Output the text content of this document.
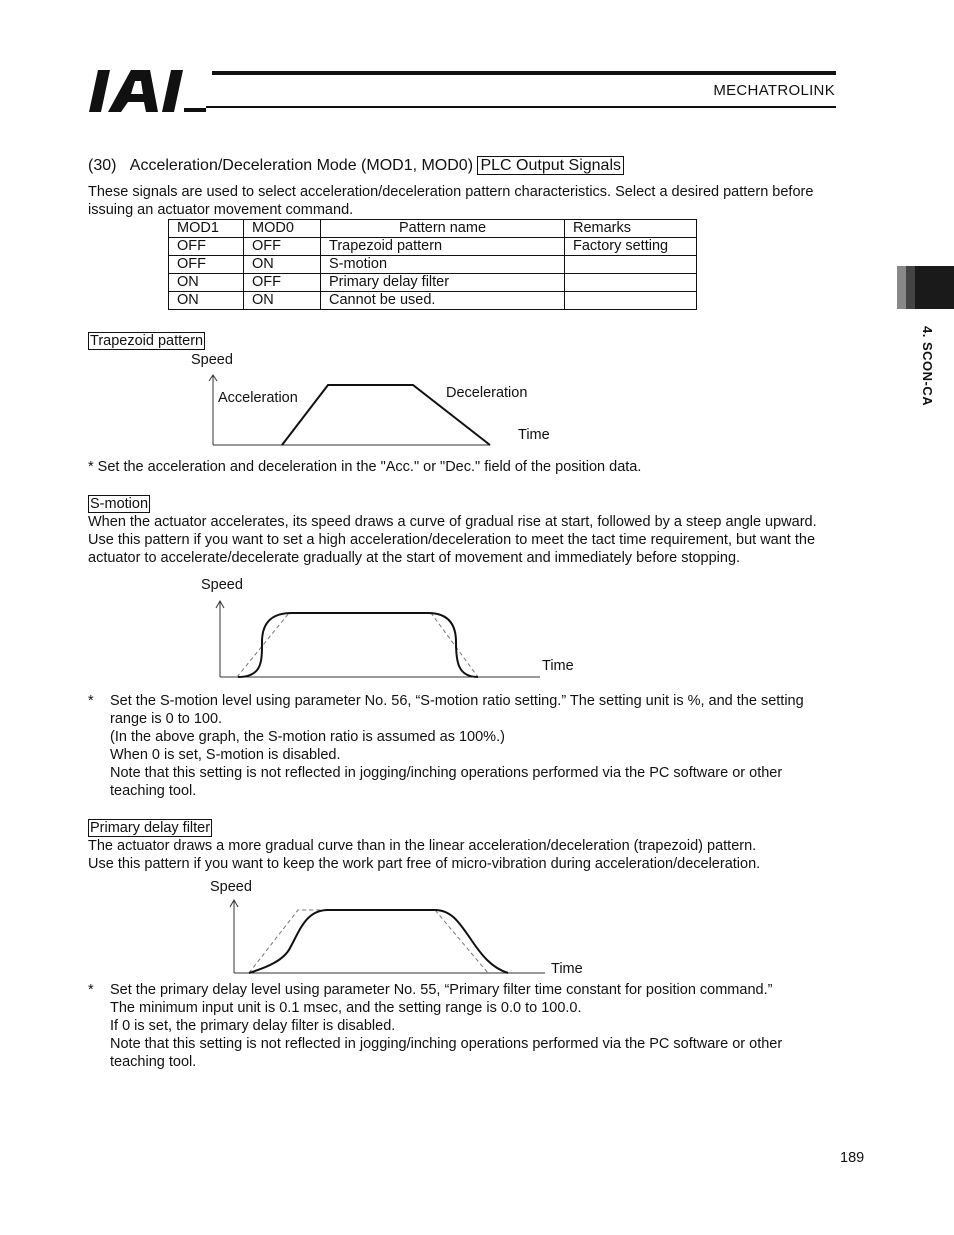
MECHATROLINK
4. SCON-CA
(30) Acceleration/Deceleration Mode (MOD1, MOD0) PLC Output Signals
These signals are used to select acceleration/deceleration pattern characteristics. Select a desired pattern before
issuing an actuator movement command.
MOD1	MOD0	Pattern name	Remarks
OFF	OFF	Trapezoid pattern	Factory setting
OFF	ON	S-motion	
ON	OFF	Primary delay filter	
ON	ON	Cannot be used.	
Trapezoid pattern
Speed
Acceleration	Deceleration
Time
* Set the acceleration and deceleration in the "Acc." or "Dec." field of the position data.
S-motion
When the actuator accelerates, its speed draws a curve of gradual rise at start, followed by a steep angle upward.
Use this pattern if you want to set a high acceleration/deceleration to meet the tact time requirement, but want the
actuator to accelerate/decelerate gradually at the start of movement and immediately before stopping.
Speed
Time
* Set the S-motion level using parameter No. 56, “S-motion ratio setting.” The setting unit is %, and the setting
range is 0 to 100.
(In the above graph, the S-motion ratio is assumed as 100%.)
When 0 is set, S-motion is disabled.
Note that this setting is not reflected in jogging/inching operations performed via the PC software or other
teaching tool.
Primary delay filter
The actuator draws a more gradual curve than in the linear acceleration/deceleration (trapezoid) pattern.
Use this pattern if you want to keep the work part free of micro-vibration during acceleration/deceleration.
Speed
Time
* Set the primary delay level using parameter No. 55, “Primary filter time constant for position command.”
The minimum input unit is 0.1 msec, and the setting range is 0.0 to 100.0.
If 0 is set, the primary delay filter is disabled.
Note that this setting is not reflected in jogging/inching operations performed via the PC software or other
teaching tool.
189
